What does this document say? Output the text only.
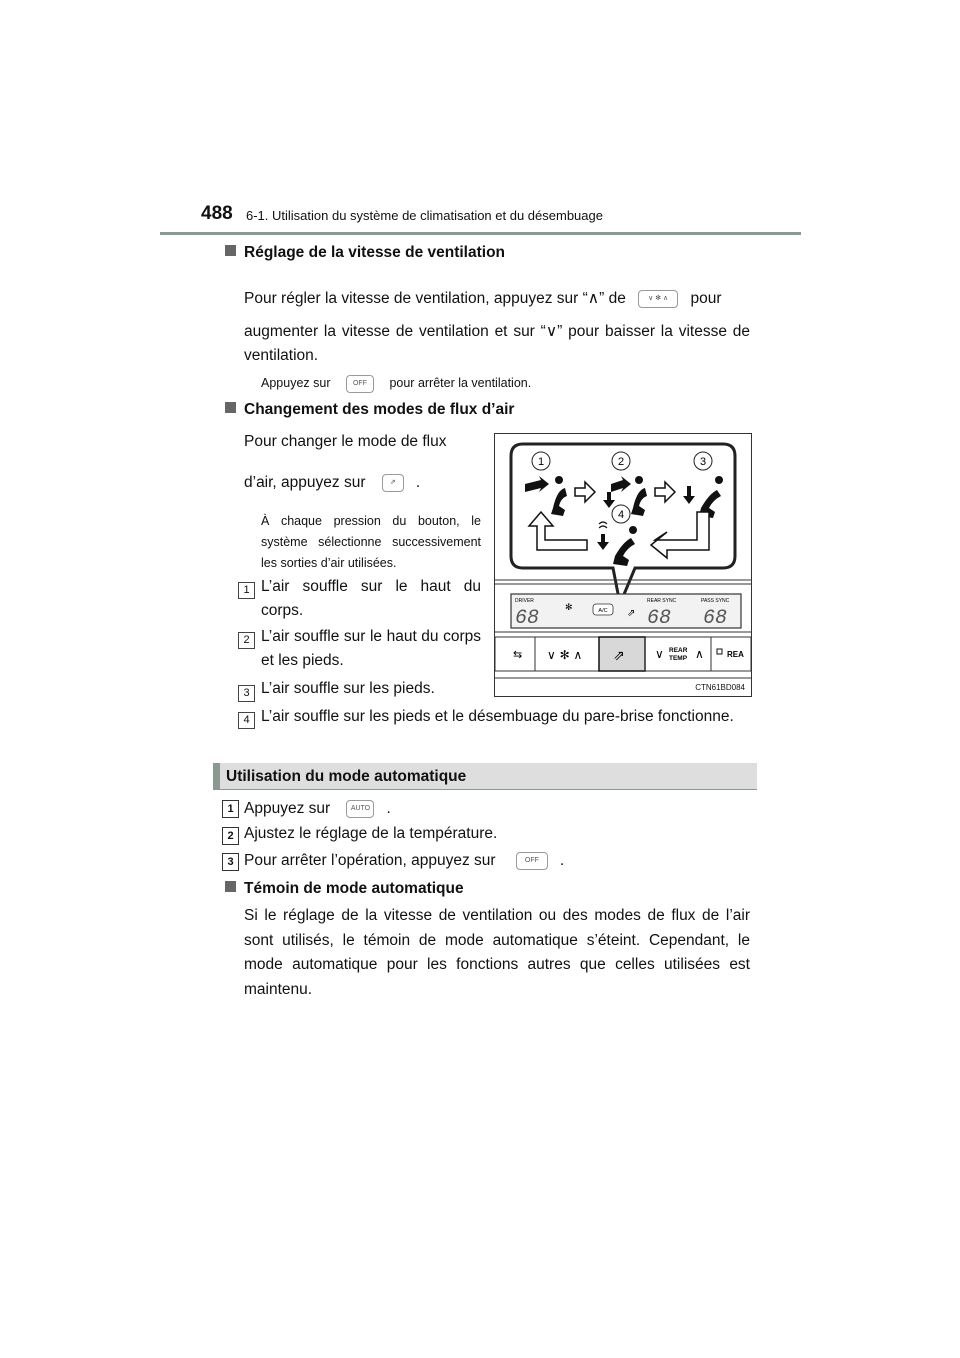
488 6-1. Utilisation du système de climatisation et du désembuage
Réglage de la vitesse de ventilation
Pour régler la vitesse de ventilation, appuyez sur “∧” de	∨ ✻ ∧ pour
augmenter la vitesse de ventilation et sur “∨” pour baisser la vitesse de ventilation.
Appuyez sur	OFF pour arrêter la ventilation.
Changement des modes de flux d’air
Pour changer le mode de flux
d’air, appuyez sur	⇗ .
À chaque pression du bouton, le système sélectionne successivement les sorties d’air utilisées.
1 L’air souffle sur le haut du corps.
2 L’air souffle sur le haut du corps et les pieds.
3 L’air souffle sur les pieds.
4 L’air souffle sur les pieds et le désembuage du pare-brise fonctionne.
1	2	3
4
DRIVER
68	✻	A/C ⇗
REAR SYNC
68
PASS SYNC
68
⇆ ∨ ✻ ∧ ⇗	∨ REAR
TEMP ∧	REA
CTN61BD084
Utilisation du mode automatique
1 Appuyez sur	AUTO .
2 Ajustez le réglage de la température.
3 Pour arrêter l’opération, appuyez sur	OFF .
Témoin de mode automatique
Si le réglage de la vitesse de ventilation ou des modes de flux de l’air sont utilisés, le témoin de mode automatique s’éteint. Cependant, le mode automatique pour les fonctions autres que celles utilisées est maintenu.
